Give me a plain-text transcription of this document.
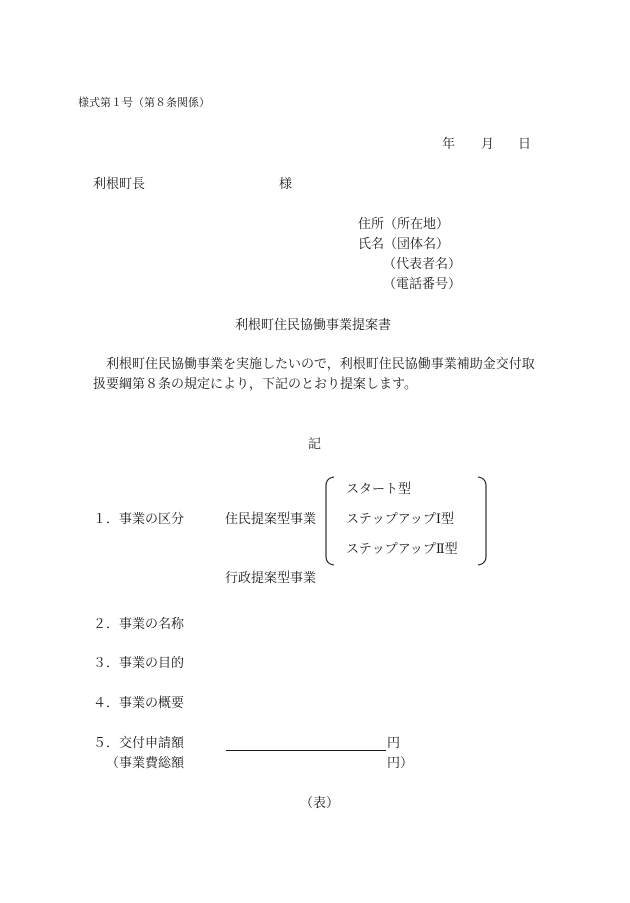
様式第１号（第８条関係）
年 月 日
利根町長	様
住所（所在地）
氏名（団体名）
（代表者名）
（電話番号）
利根町住民協働事業提案書
利根町住民協働事業を実施したいので，利根町住民協働事業補助金交付取
扱要綱第８条の規定により，下記のとおり提案します。
記
１．事業の区分	住民提案型事業
スタート型
ステップアップⅠ型
ステップアップⅡ型
行政提案型事業
２．事業の名称
３．事業の目的
４．事業の概要
５．交付申請額	円
（事業費総額	円）
（表）
